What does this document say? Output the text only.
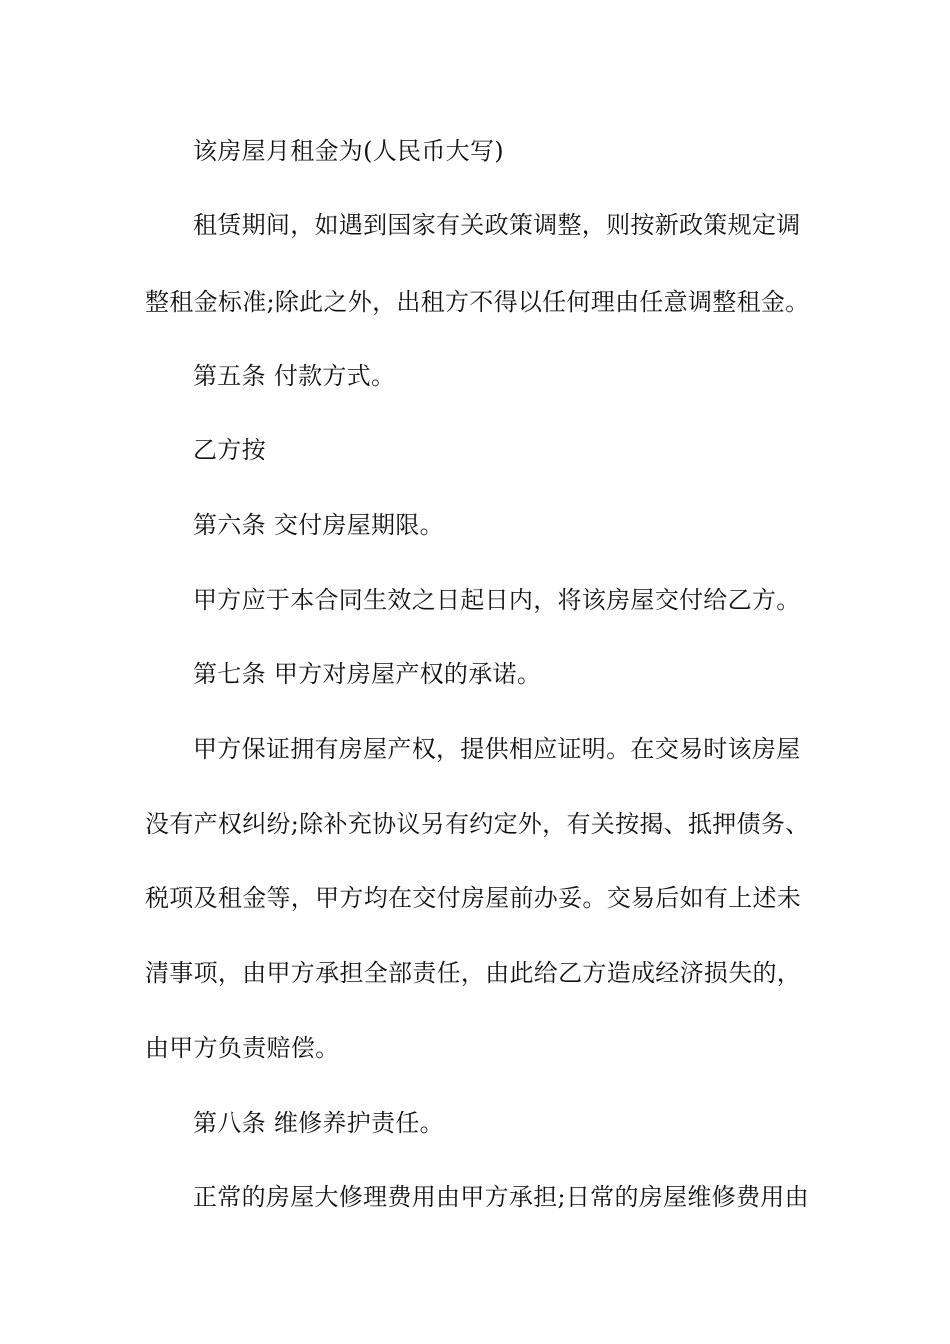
该房屋月租金为(人民币大写)
租赁期间，如遇到国家有关政策调整，则按新政策规定调
整租金标准;除此之外，出租方不得以任何理由任意调整租金。
第五条 付款方式。
乙方按
第六条 交付房屋期限。
甲方应于本合同生效之日起日内，将该房屋交付给乙方。
第七条 甲方对房屋产权的承诺。
甲方保证拥有房屋产权，提供相应证明。在交易时该房屋
没有产权纠纷;除补充协议另有约定外，有关按揭、抵押债务、
税项及租金等，甲方均在交付房屋前办妥。交易后如有上述未
清事项，由甲方承担全部责任，由此给乙方造成经济损失的，
由甲方负责赔偿。
第八条 维修养护责任。
正常的房屋大修理费用由甲方承担;日常的房屋维修费用由
